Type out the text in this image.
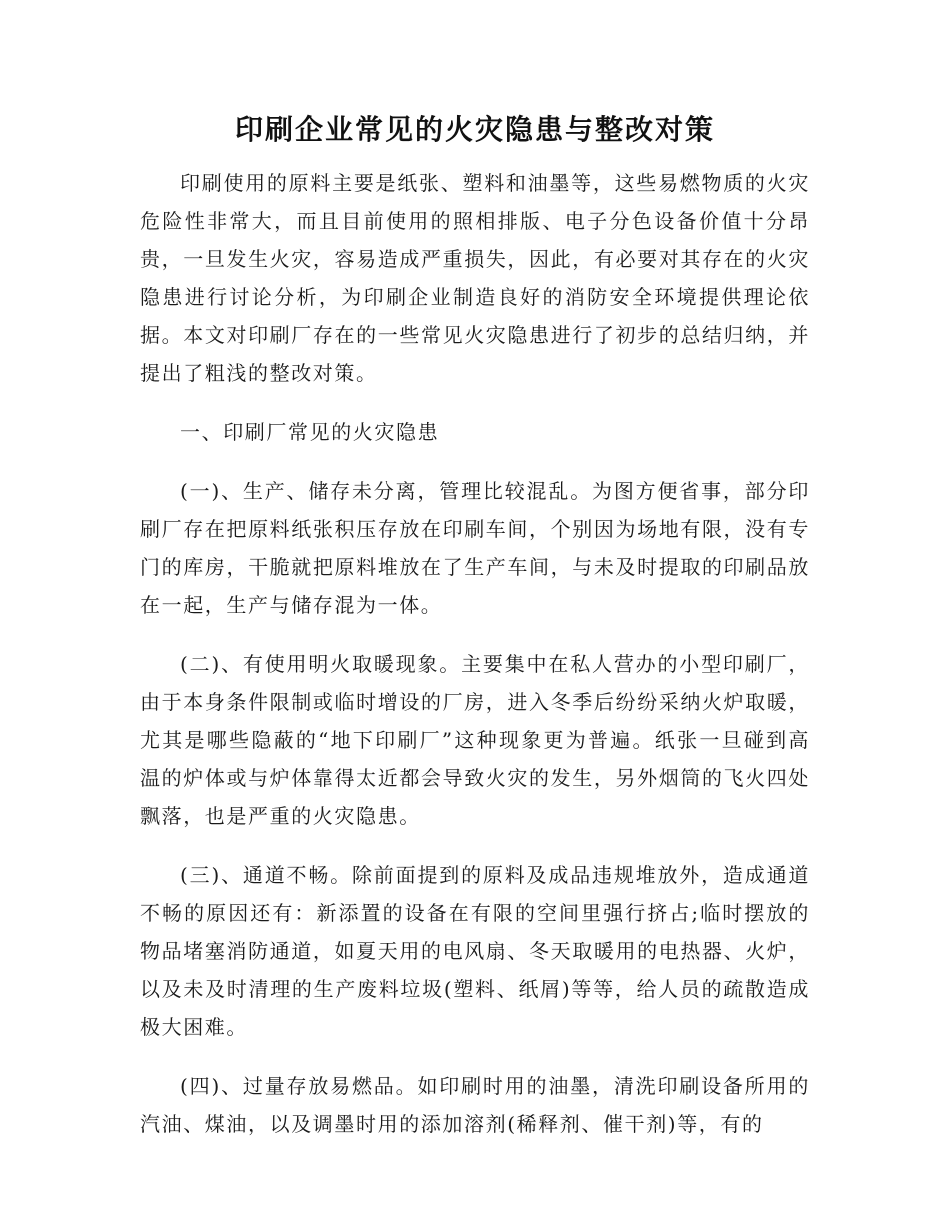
印刷企业常见的火灾隐患与整改对策

印刷使用的原料主要是纸张、塑料和油墨等，这些易燃物质的火灾危险性非常大，而且目前使用的照相排版、电子分色设备价值十分昂贵，一旦发生火灾，容易造成严重损失，因此，有必要对其存在的火灾隐患进行讨论分析，为印刷企业制造良好的消防安全环境提供理论依据。本文对印刷厂存在的一些常见火灾隐患进行了初步的总结归纳，并提出了粗浅的整改对策。

一、印刷厂常见的火灾隐患

(一)、生产、储存未分离，管理比较混乱。为图方便省事，部分印刷厂存在把原料纸张积压存放在印刷车间，个别因为场地有限，没有专门的库房，干脆就把原料堆放在了生产车间，与未及时提取的印刷品放在一起，生产与储存混为一体。

(二)、有使用明火取暖现象。主要集中在私人营办的小型印刷厂，由于本身条件限制或临时增设的厂房，进入冬季后纷纷采纳火炉取暖，尤其是哪些隐蔽的“地下印刷厂”这种现象更为普遍。纸张一旦碰到高温的炉体或与炉体靠得太近都会导致火灾的发生，另外烟筒的飞火四处飘落，也是严重的火灾隐患。

(三)、通道不畅。除前面提到的原料及成品违规堆放外，造成通道不畅的原因还有：新添置的设备在有限的空间里强行挤占;临时摆放的物品堵塞消防通道，如夏天用的电风扇、冬天取暖用的电热器、火炉，以及未及时清理的生产废料垃圾(塑料、纸屑)等等，给人员的疏散造成极大困难。

(四)、过量存放易燃品。如印刷时用的油墨，清洗印刷设备所用的汽油、煤油，以及调墨时用的添加溶剂(稀释剂、催干剂)等，有的
